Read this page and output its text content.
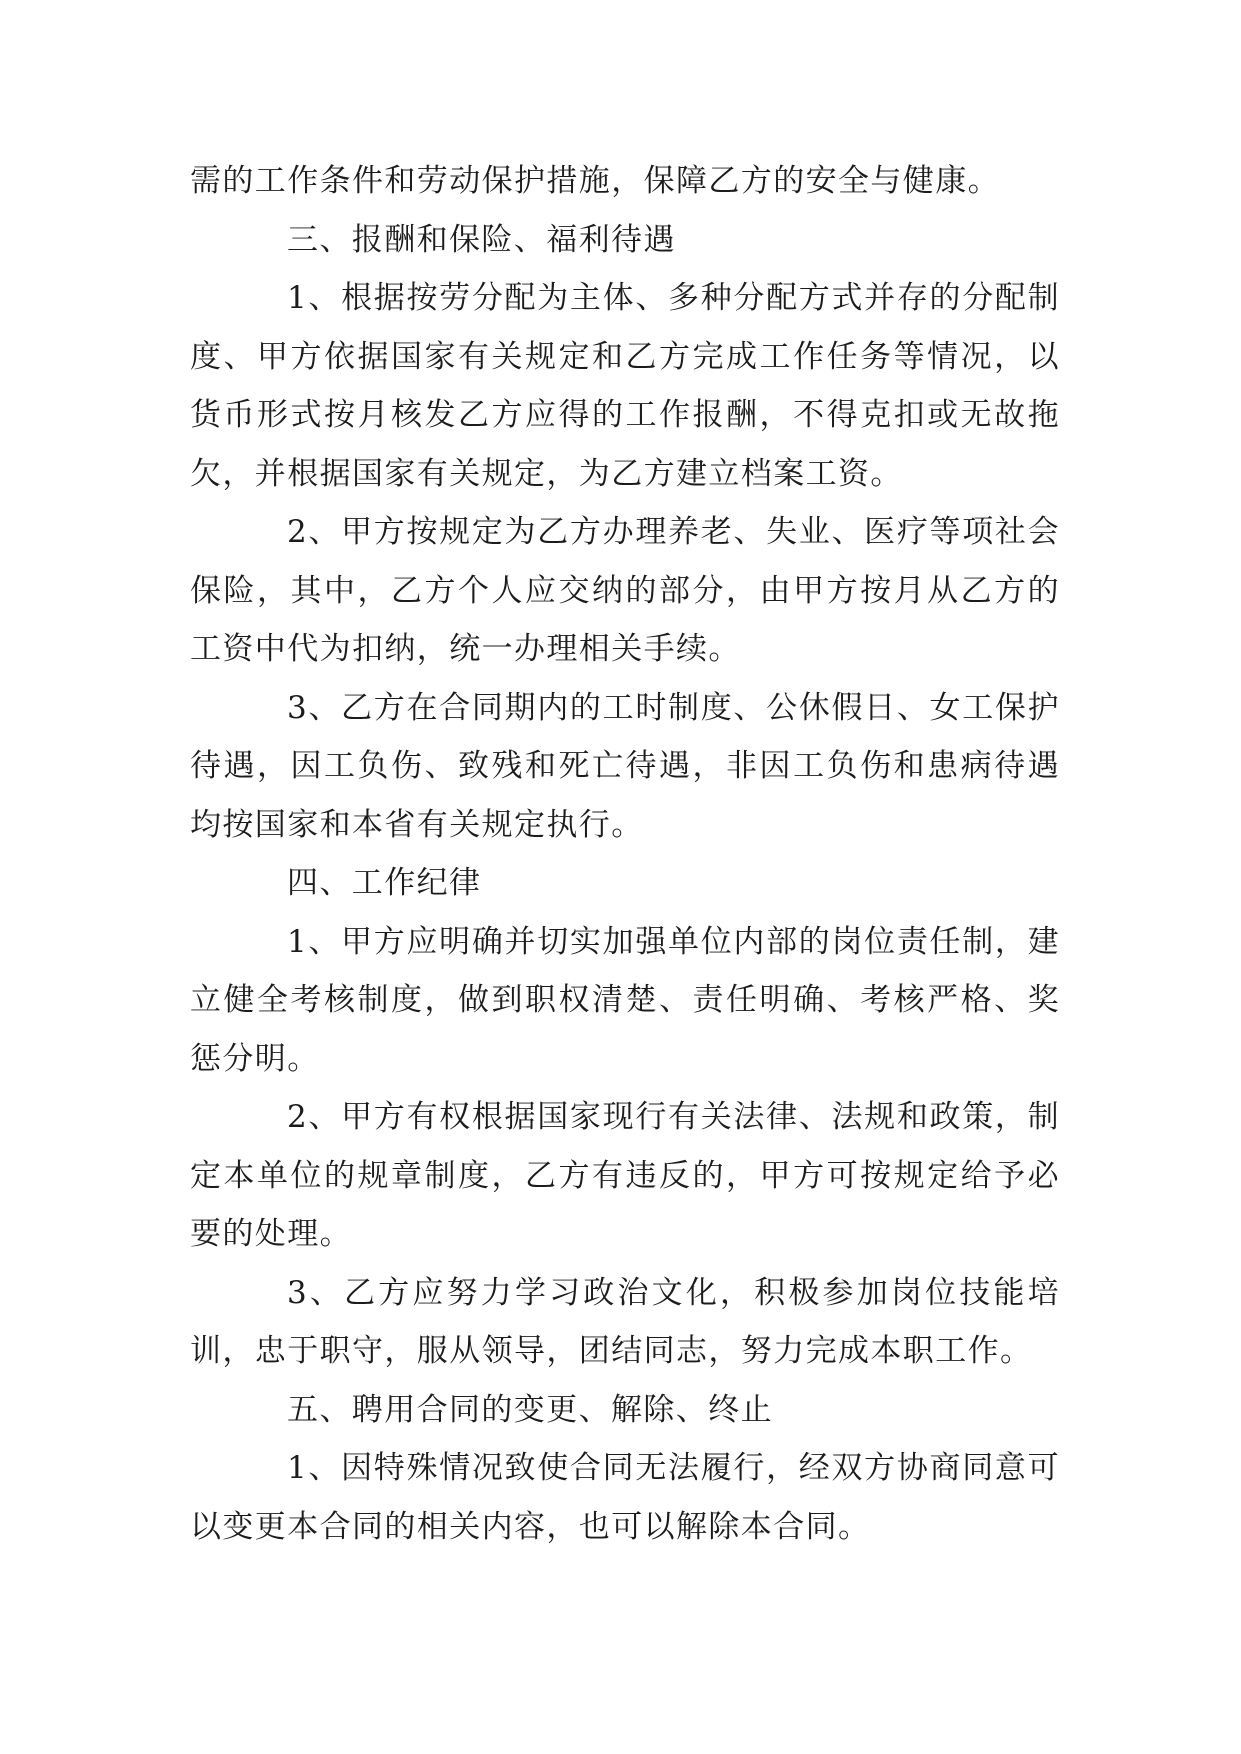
需的工作条件和劳动保护措施，保障乙方的安全与健康。

三、报酬和保险、福利待遇

1、根据按劳分配为主体、多种分配方式并存的分配制度、甲方依据国家有关规定和乙方完成工作任务等情况，以货币形式按月核发乙方应得的工作报酬，不得克扣或无故拖欠，并根据国家有关规定，为乙方建立档案工资。

2、甲方按规定为乙方办理养老、失业、医疗等项社会保险，其中，乙方个人应交纳的部分，由甲方按月从乙方的工资中代为扣纳，统一办理相关手续。

3、乙方在合同期内的工时制度、公休假日、女工保护待遇，因工负伤、致残和死亡待遇，非因工负伤和患病待遇均按国家和本省有关规定执行。

四、工作纪律

1、甲方应明确并切实加强单位内部的岗位责任制，建立健全考核制度，做到职权清楚、责任明确、考核严格、奖惩分明。

2、甲方有权根据国家现行有关法律、法规和政策，制定本单位的规章制度，乙方有违反的，甲方可按规定给予必要的处理。

3、乙方应努力学习政治文化，积极参加岗位技能培训，忠于职守，服从领导，团结同志，努力完成本职工作。

五、聘用合同的变更、解除、终止

1、因特殊情况致使合同无法履行，经双方协商同意可以变更本合同的相关内容，也可以解除本合同。
